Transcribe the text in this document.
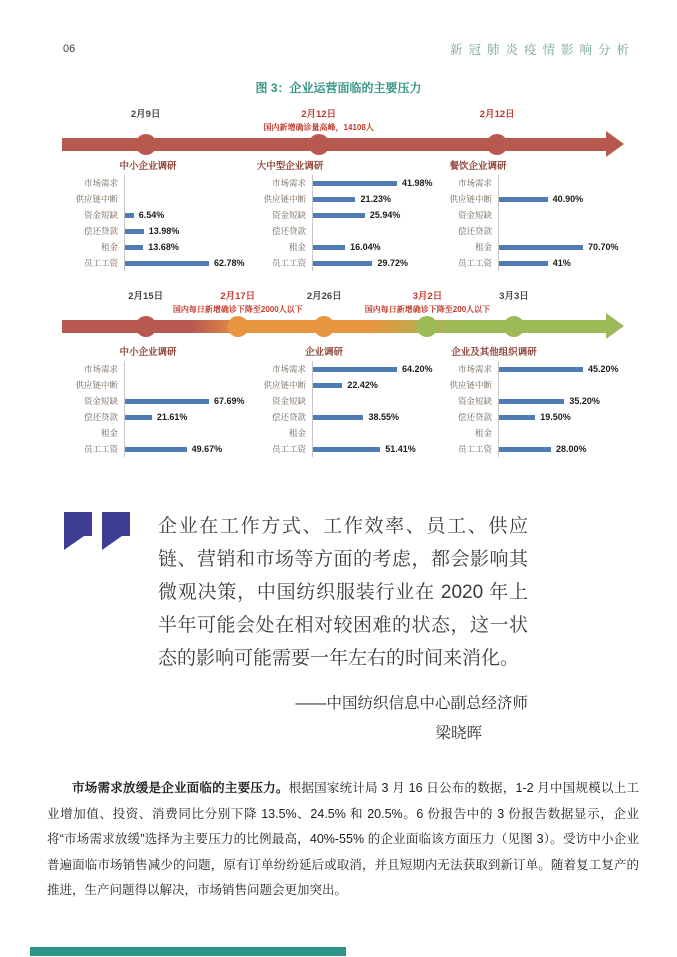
06	新冠肺炎疫情影响分析
图 3：企业运营面临的主要压力
2月9日	2月12日
国内新增确诊量高峰，14108人
2月12日
中小企业调研
市场需求
供应链中断
资金短缺	6.54%
偿还贷款	13.98%
租金	13.68%
员工工资	62.78%
大中型企业调研
市场需求	41.98%
供应链中断	21.23%
资金短缺	25.94%
偿还贷款
租金	16.04%
员工工资	29.72%
餐饮企业调研
市场需求
供应链中断	40.90%
资金短缺
偿还贷款
租金	70.70%
员工工资	41%
2月15日	2月17日
国内每日新增确诊下降至2000人以下
2月26日	3月2日
国内每日新增确诊下降至200人以下
3月3日
中小企业调研
市场需求
供应链中断
资金短缺	67.69%
偿还贷款	21.61%
租金
员工工资	49.67%
企业调研
市场需求	64.20%
供应链中断	22.42%
资金短缺
偿还贷款	38.55%
租金
员工工资	51.41%
企业及其他组织调研
市场需求	45.20%
供应链中断
资金短缺	35.20%
偿还贷款	19.50%
租金
员工工资	28.00%
企业在工作方式、工作效率、员工、供应链、营销和市场等方面的考虑，都会影响其微观决策，中国纺织服装行业在 2020 年上半年可能会处在相对较困难的状态，这一状态的影响可能需要一年左右的时间来消化。
——中国纺织信息中心副总经济师
梁晓晖

市场需求放缓是企业面临的主要压力。根据国家统计局 3 月 16 日公布的数据，1-2 月中国规模以上工业增加值、投资、消费同比分别下降 13.5%、24.5% 和 20.5%。6 份报告中的 3 份报告数据显示，企业将“市场需求放缓”选择为主要压力的比例最高，40%-55% 的企业面临该方面压力（见图 3）。受访中小企业普遍面临市场销售减少的问题，原有订单纷纷延后或取消，并且短期内无法获取到新订单。随着复工复产的推进，生产问题得以解决，市场销售问题会更加突出。
